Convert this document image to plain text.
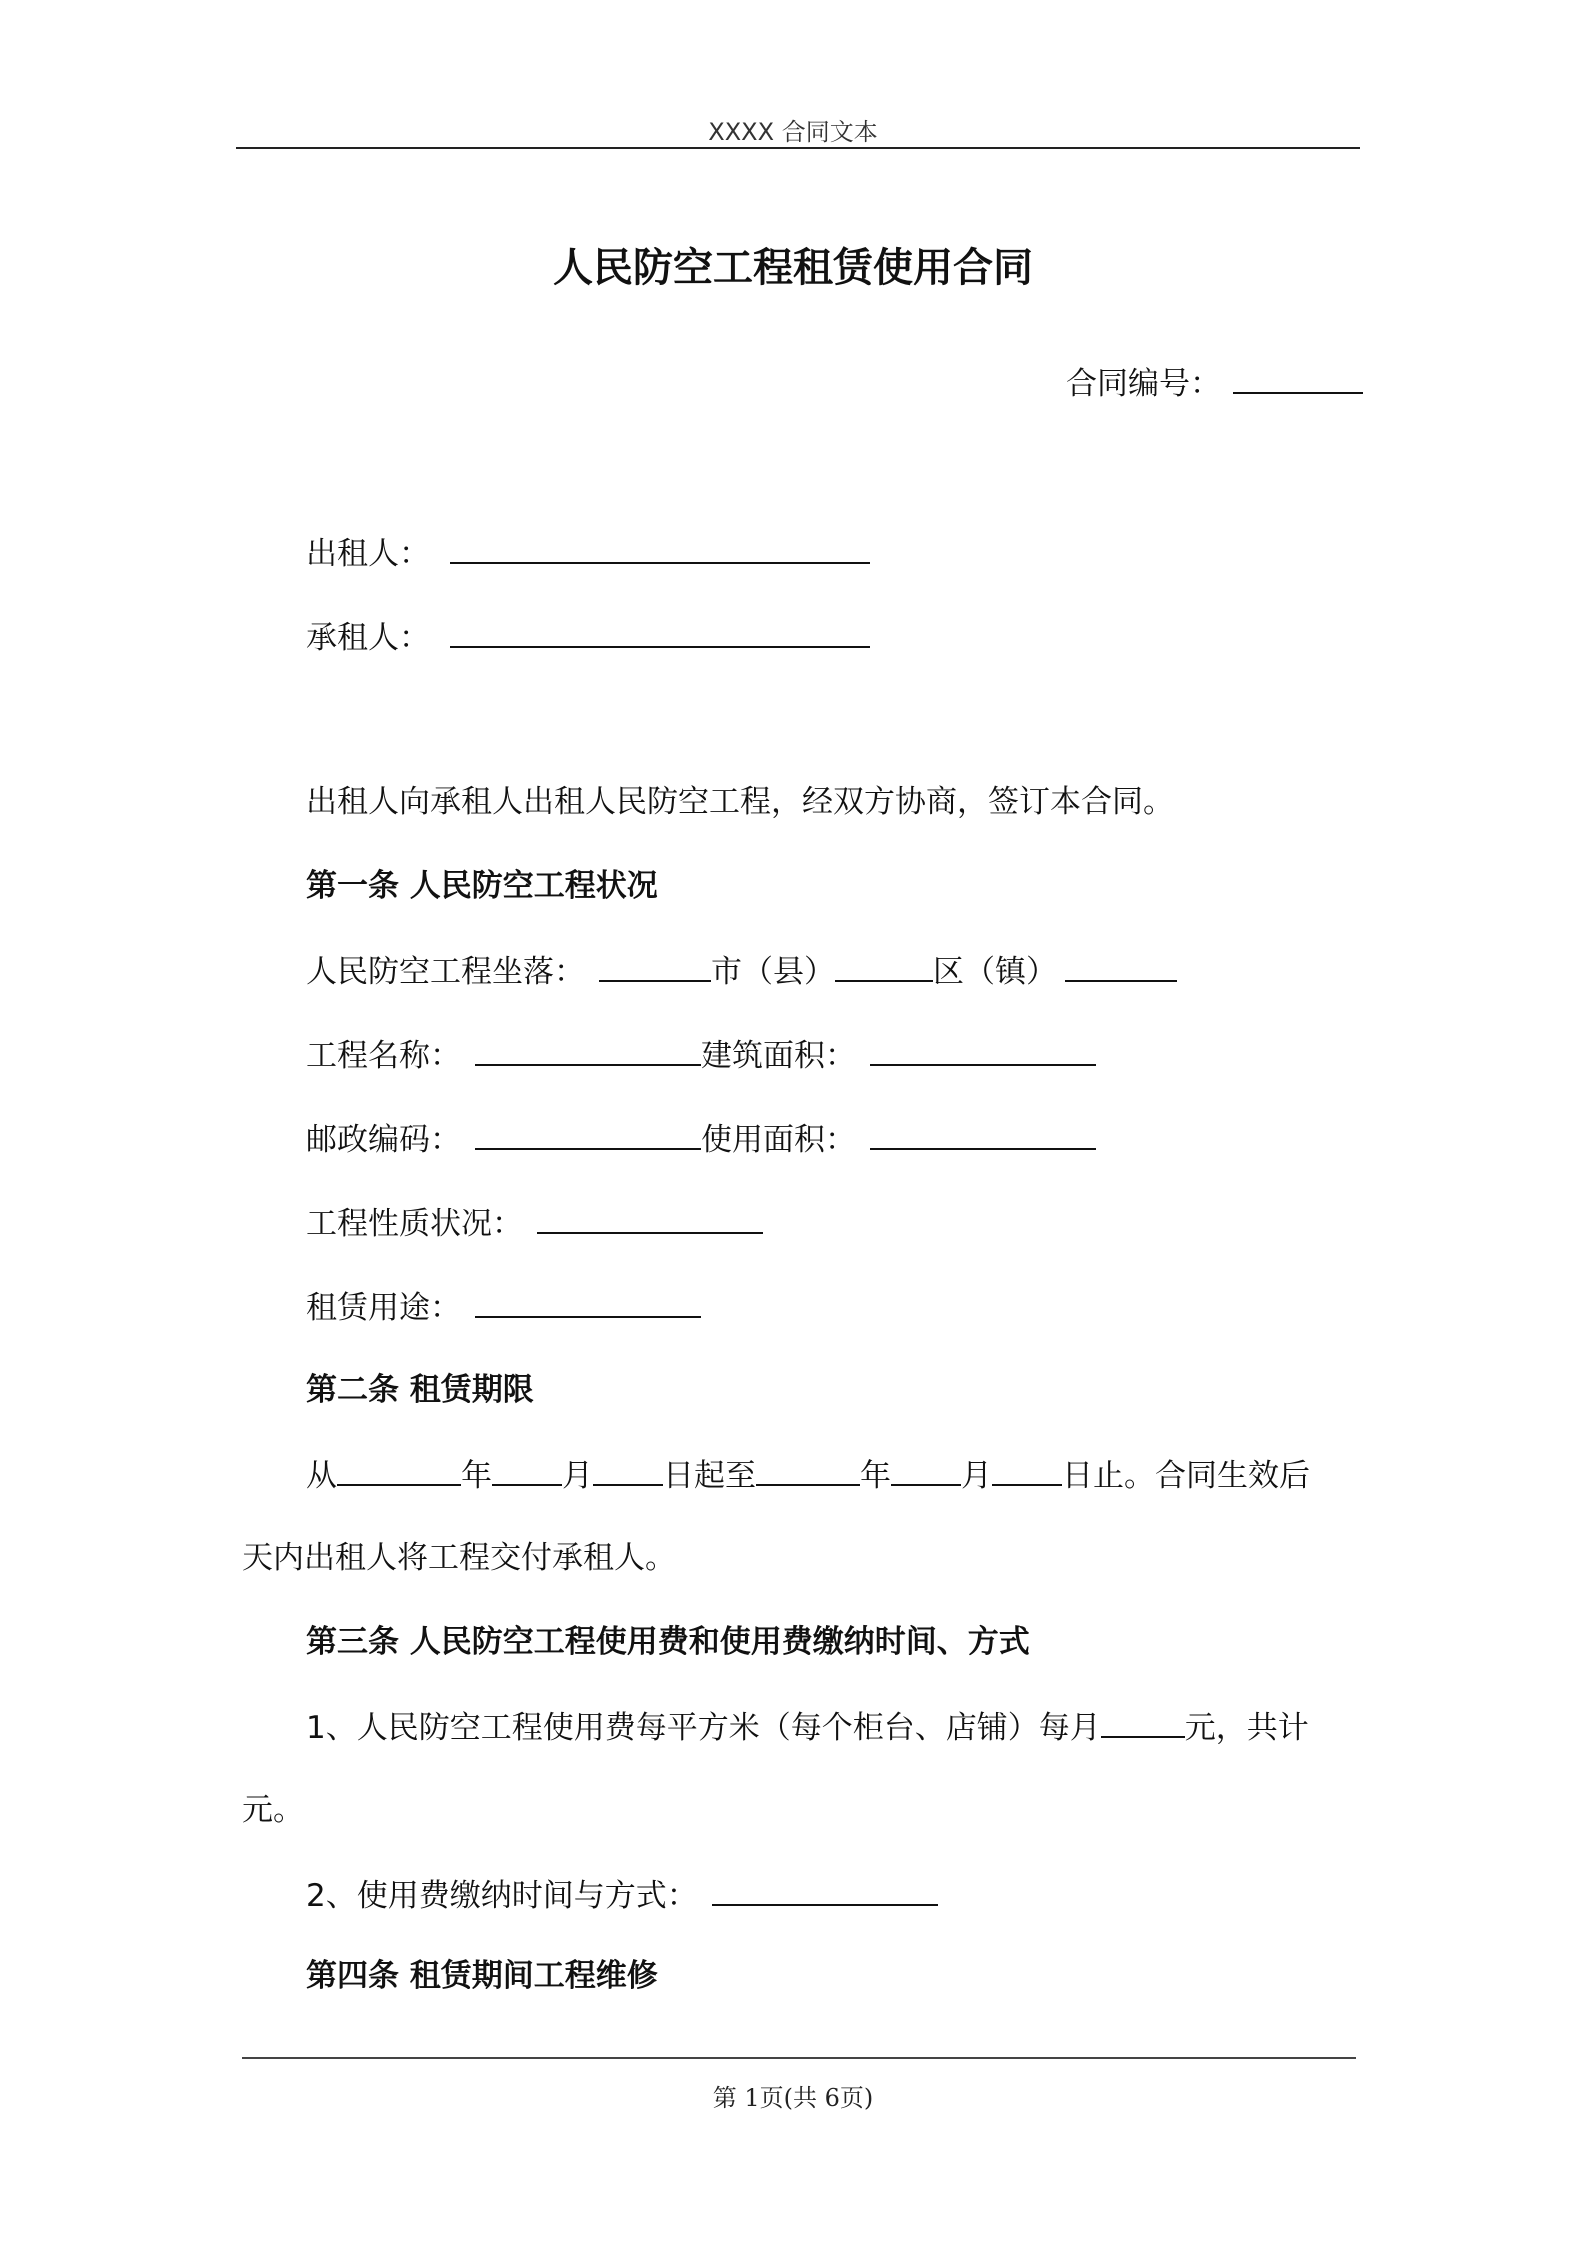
XXXX 合同文本
人民防空工程租赁使用合同
合同编号：
出租人：
承租人：
出租人向承租人出租人民防空工程，经双方协商，签订本合同。
第一条 人民防空工程状况
人民防空工程坐落：	市（县）	区（镇）
工程名称：	建筑面积：
邮政编码：	使用面积：
工程性质状况：
租赁用途：
第二条 租赁期限
从	年 月 日起至	年 月 日止。合同生效后
天内出租人将工程交付承租人。
第三条 人民防空工程使用费和使用费缴纳时间、方式
1、人民防空工程使用费每平方米（每个柜台、店铺）每月	元，共计
元。
2、使用费缴纳时间与方式：
第四条 租赁期间工程维修
第 1页(共 6页)
